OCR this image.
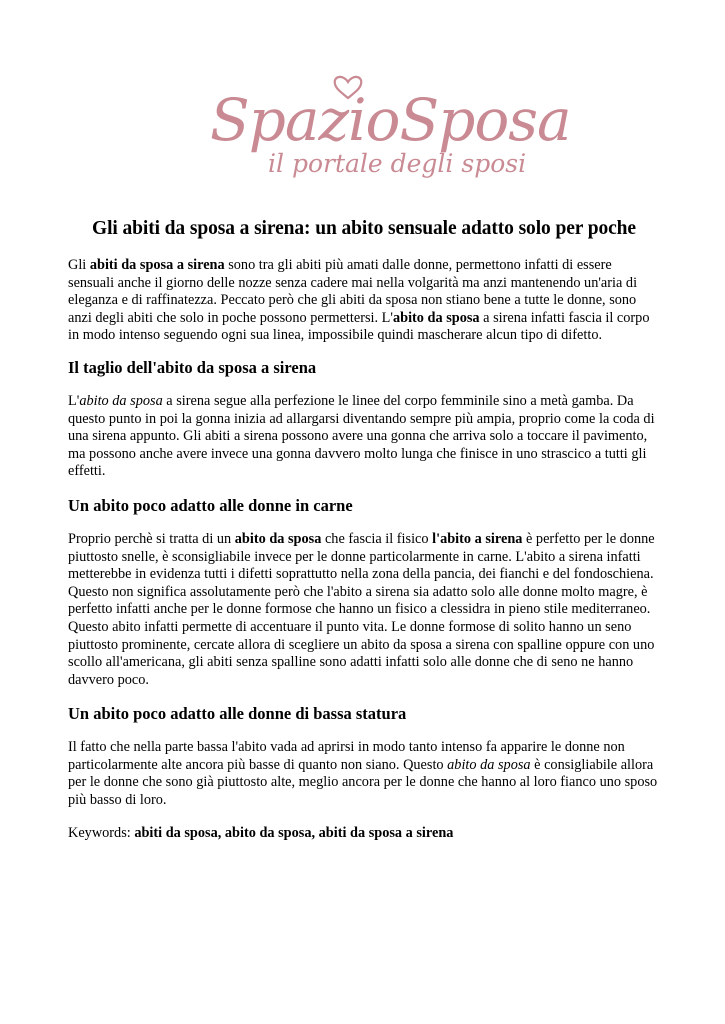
SpazioSposa
il portale degli sposi
Gli abiti da sposa a sirena: un abito sensuale adatto solo per poche

Gli abiti da sposa a sirena sono tra gli abiti più amati dalle donne, permettono infatti di essere sensuali anche il giorno delle nozze senza cadere mai nella volgarità ma anzi mantenendo un'aria di eleganza e di raffinatezza. Peccato però che gli abiti da sposa non stiano bene a tutte le donne, sono anzi degli abiti che solo in poche possono permettersi. L'abito da sposa a sirena infatti fascia il corpo in modo intenso seguendo ogni sua linea, impossibile quindi mascherare alcun tipo di difetto.

Il taglio dell'abito da sposa a sirena

L'abito da sposa a sirena segue alla perfezione le linee del corpo femminile sino a metà gamba. Da questo punto in poi la gonna inizia ad allargarsi diventando sempre più ampia, proprio come la coda di una sirena appunto. Gli abiti a sirena possono avere una gonna che arriva solo a toccare il pavimento, ma possono anche avere invece una gonna davvero molto lunga che finisce in uno strascico a tutti gli effetti.

Un abito poco adatto alle donne in carne

Proprio perchè si tratta di un abito da sposa che fascia il fisico l'abito a sirena è perfetto per le donne piuttosto snelle, è sconsigliabile invece per le donne particolarmente in carne. L'abito a sirena infatti metterebbe in evidenza tutti i difetti soprattutto nella zona della pancia, dei fianchi e del fondoschiena. Questo non significa assolutamente però che l'abito a sirena sia adatto solo alle donne molto magre, è perfetto infatti anche per le donne formose che hanno un fisico a clessidra in pieno stile mediterraneo. Questo abito infatti permette di accentuare il punto vita. Le donne formose di solito hanno un seno piuttosto prominente, cercate allora di scegliere un abito da sposa a sirena con spalline oppure con uno scollo all'americana, gli abiti senza spalline sono adatti infatti solo alle donne che di seno ne hanno davvero poco.

Un abito poco adatto alle donne di bassa statura

Il fatto che nella parte bassa l'abito vada ad aprirsi in modo tanto intenso fa apparire le donne non particolarmente alte ancora più basse di quanto non siano. Questo abito da sposa è consigliabile allora per le donne che sono già piuttosto alte, meglio ancora per le donne che hanno al loro fianco uno sposo più basso di loro.

Keywords: abiti da sposa, abito da sposa, abiti da sposa a sirena
